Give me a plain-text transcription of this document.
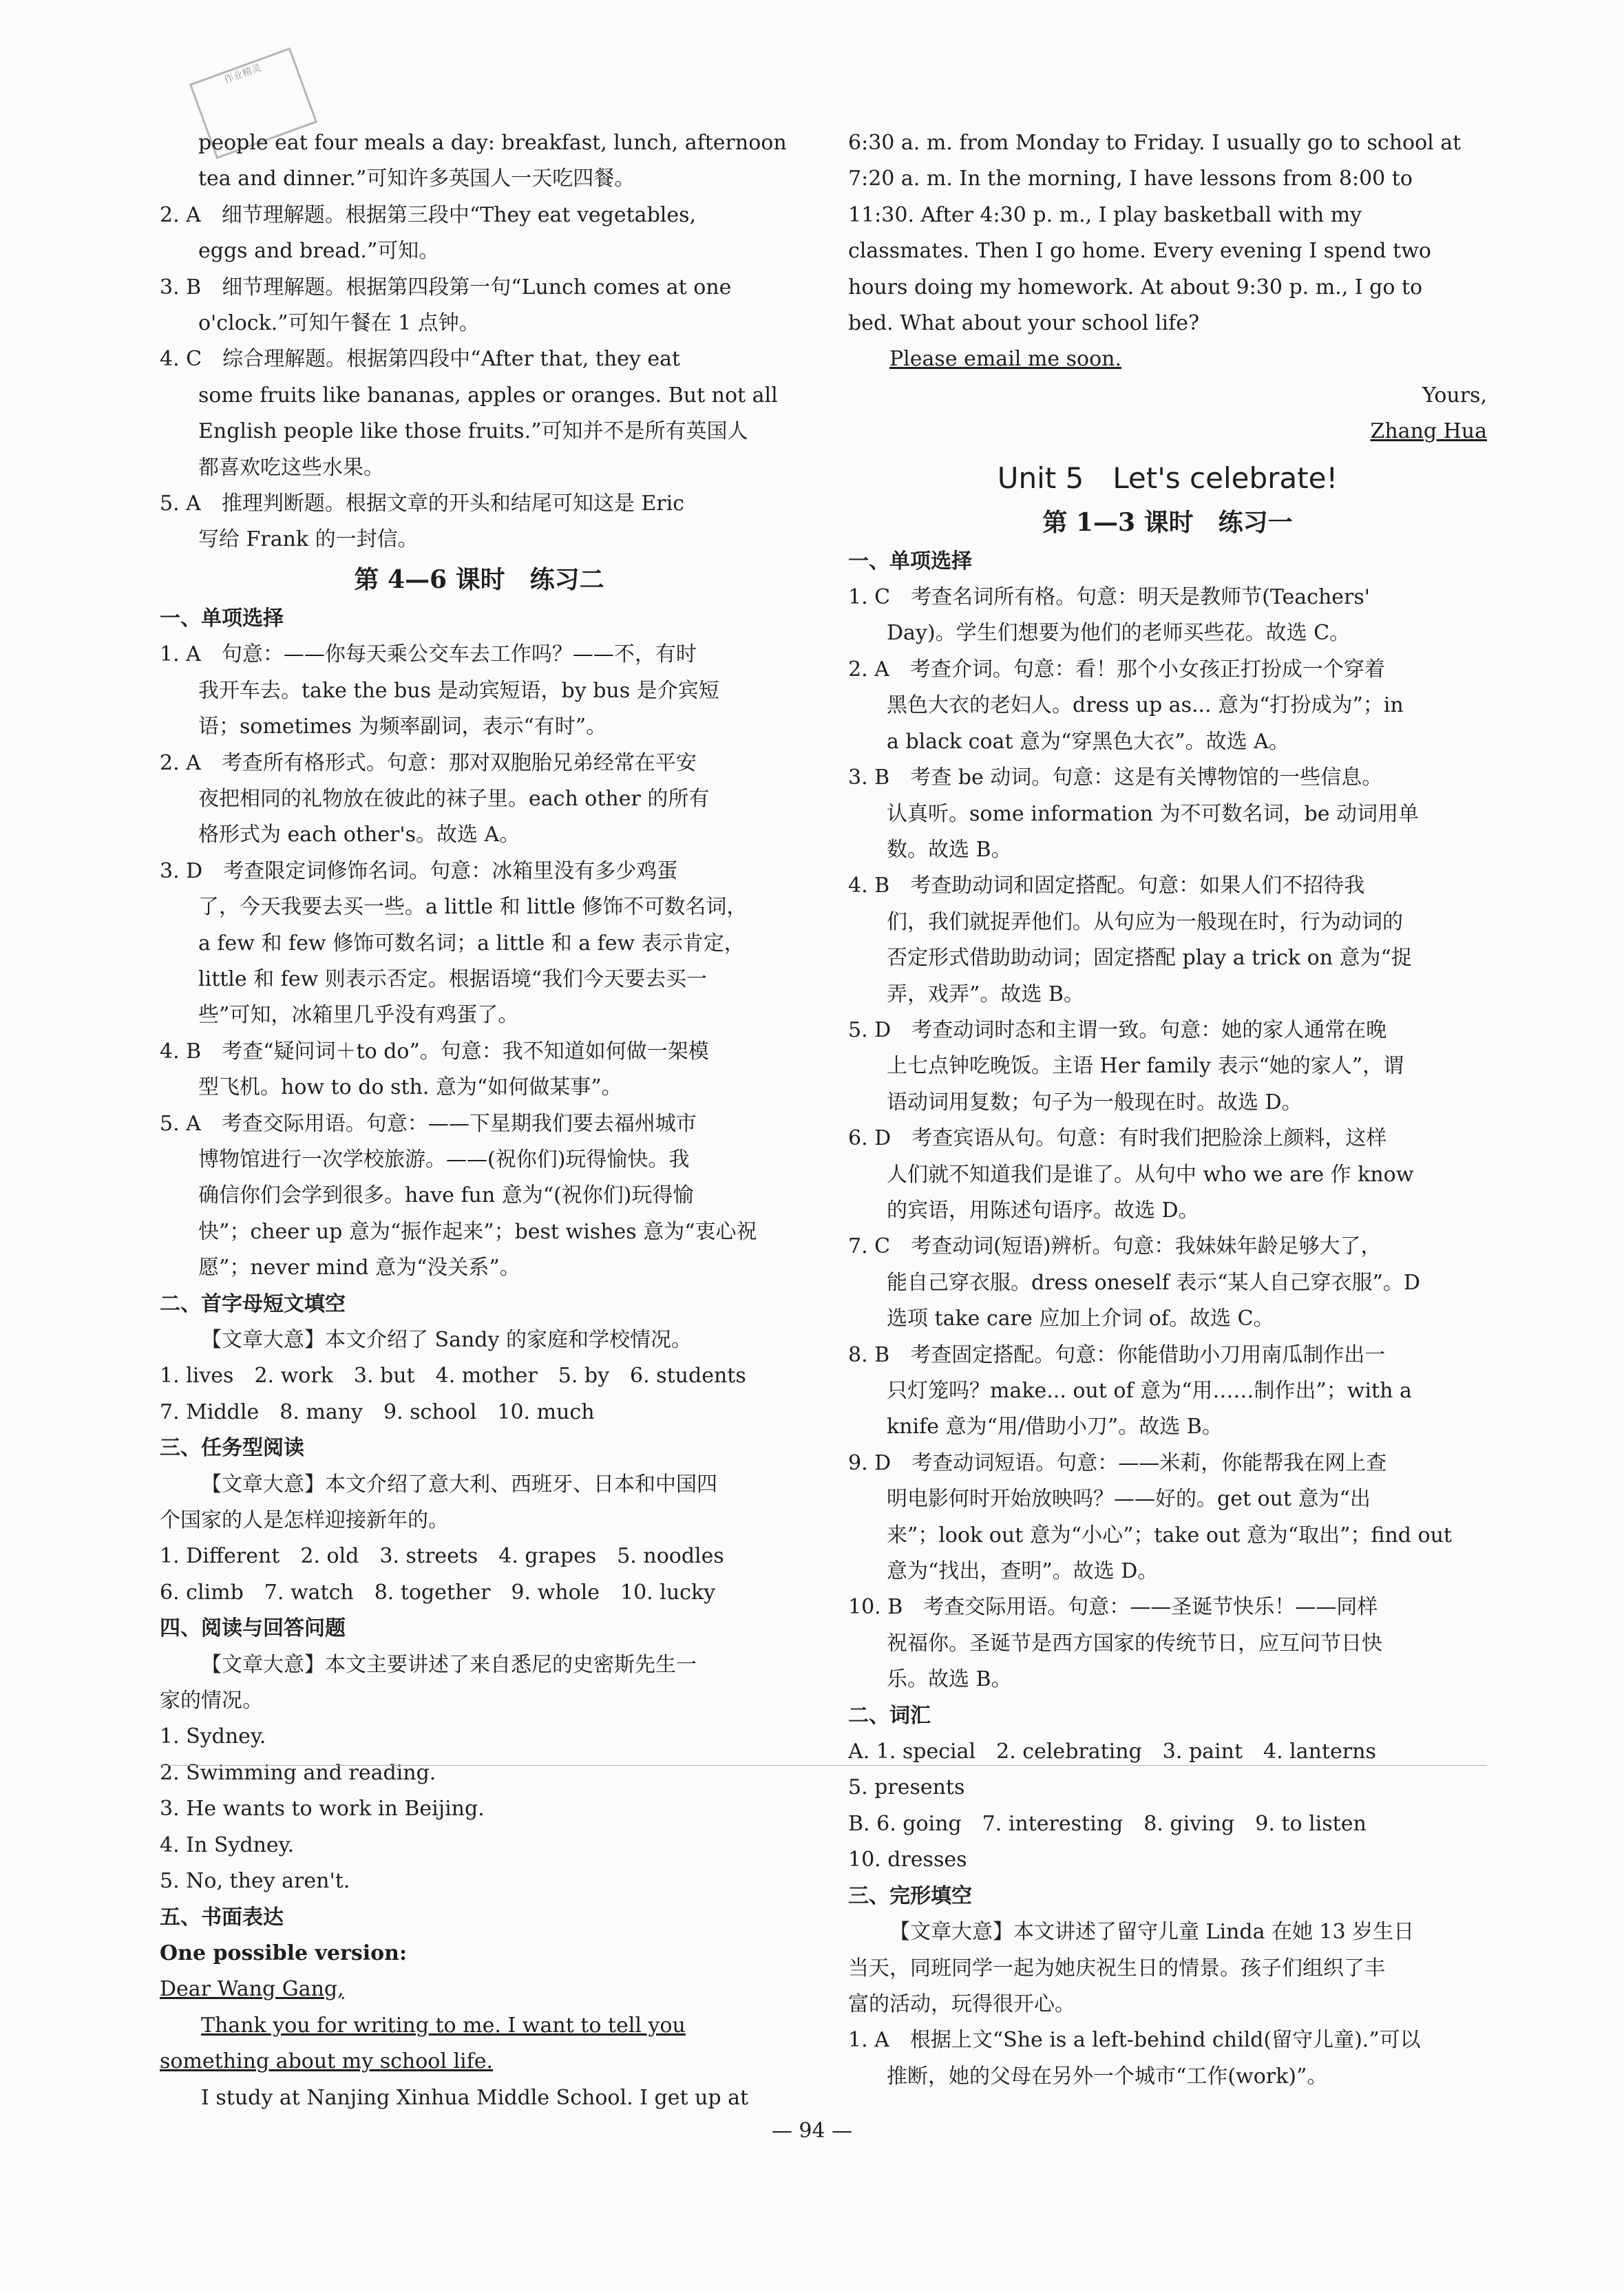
作业精灵
people eat four meals a day: breakfast, lunch, afternoon
tea and dinner.”可知许多英国人一天吃四餐。
2. A　细节理解题。根据第三段中“They eat vegetables,
eggs and bread.”可知。
3. B　细节理解题。根据第四段第一句“Lunch comes at one
o'clock.”可知午餐在 1 点钟。
4. C　综合理解题。根据第四段中“After that, they eat
some fruits like bananas, apples or oranges. But not all
English people like those fruits.”可知并不是所有英国人
都喜欢吃这些水果。
5. A　推理判断题。根据文章的开头和结尾可知这是 Eric
写给 Frank 的一封信。
第 4—6 课时　练习二
一、单项选择
1. A　句意：——你每天乘公交车去工作吗？——不，有时
我开车去。take the bus 是动宾短语，by bus 是介宾短
语；sometimes 为频率副词，表示“有时”。
2. A　考查所有格形式。句意：那对双胞胎兄弟经常在平安
夜把相同的礼物放在彼此的袜子里。each other 的所有
格形式为 each other's。故选 A。
3. D　考查限定词修饰名词。句意：冰箱里没有多少鸡蛋
了，今天我要去买一些。a little 和 little 修饰不可数名词，
a few 和 few 修饰可数名词；a little 和 a few 表示肯定，
little 和 few 则表示否定。根据语境“我们今天要去买一
些”可知，冰箱里几乎没有鸡蛋了。
4. B　考查“疑问词＋to do”。句意：我不知道如何做一架模
型飞机。how to do sth. 意为“如何做某事”。
5. A　考查交际用语。句意：——下星期我们要去福州城市
博物馆进行一次学校旅游。——(祝你们)玩得愉快。我
确信你们会学到很多。have fun 意为“(祝你们)玩得愉
快”；cheer up 意为“振作起来”；best wishes 意为“衷心祝
愿”；never mind 意为“没关系”。
二、首字母短文填空
【文章大意】本文介绍了 Sandy 的家庭和学校情况。
1. lives　2. work　3. but　4. mother　5. by　6. students
7. Middle　8. many　9. school　10. much
三、任务型阅读
【文章大意】本文介绍了意大利、西班牙、日本和中国四
个国家的人是怎样迎接新年的。
1. Different　2. old　3. streets　4. grapes　5. noodles
6. climb　7. watch　8. together　9. whole　10. lucky
四、阅读与回答问题
【文章大意】本文主要讲述了来自悉尼的史密斯先生一
家的情况。
1. Sydney.
2. Swimming and reading.
3. He wants to work in Beijing.
4. In Sydney.
5. No, they aren't.
五、书面表达
One possible version:
Dear Wang Gang,
Thank you for writing to me. I want to tell you
something about my school life.
I study at Nanjing Xinhua Middle School. I get up at
6:30 a. m. from Monday to Friday. I usually go to school at
7:20 a. m. In the morning, I have lessons from 8:00 to
11:30. After 4:30 p. m., I play basketball with my
classmates. Then I go home. Every evening I spend two
hours doing my homework. At about 9:30 p. m., I go to
bed. What about your school life?
Please email me soon.
Yours,
Zhang Hua
Unit 5　Let's celebrate!
第 1—3 课时　练习一
一、单项选择
1. C　考查名词所有格。句意：明天是教师节(Teachers'
Day)。学生们想要为他们的老师买些花。故选 C。
2. A　考查介词。句意：看！那个小女孩正打扮成一个穿着
黑色大衣的老妇人。dress up as... 意为“打扮成为”；in
a black coat 意为“穿黑色大衣”。故选 A。
3. B　考查 be 动词。句意：这是有关博物馆的一些信息。
认真听。some information 为不可数名词，be 动词用单
数。故选 B。
4. B　考查助动词和固定搭配。句意：如果人们不招待我
们，我们就捉弄他们。从句应为一般现在时，行为动词的
否定形式借助助动词；固定搭配 play a trick on 意为“捉
弄，戏弄”。故选 B。
5. D　考查动词时态和主谓一致。句意：她的家人通常在晚
上七点钟吃晚饭。主语 Her family 表示“她的家人”，谓
语动词用复数；句子为一般现在时。故选 D。
6. D　考查宾语从句。句意：有时我们把脸涂上颜料，这样
人们就不知道我们是谁了。从句中 who we are 作 know
的宾语，用陈述句语序。故选 D。
7. C　考查动词(短语)辨析。句意：我妹妹年龄足够大了，
能自己穿衣服。dress oneself 表示“某人自己穿衣服”。D
选项 take care 应加上介词 of。故选 C。
8. B　考查固定搭配。句意：你能借助小刀用南瓜制作出一
只灯笼吗？make... out of 意为“用……制作出”；with a
knife 意为“用/借助小刀”。故选 B。
9. D　考查动词短语。句意：——米莉，你能帮我在网上查
明电影何时开始放映吗？——好的。get out 意为“出
来”；look out 意为“小心”；take out 意为“取出”；find out
意为“找出，查明”。故选 D。
10. B　考查交际用语。句意：——圣诞节快乐！——同样
祝福你。圣诞节是西方国家的传统节日，应互问节日快
乐。故选 B。
二、词汇
A. 1. special　2. celebrating　3. paint　4. lanterns
5. presents
B. 6. going　7. interesting　8. giving　9. to listen
10. dresses
三、完形填空
【文章大意】本文讲述了留守儿童 Linda 在她 13 岁生日
当天，同班同学一起为她庆祝生日的情景。孩子们组织了丰
富的活动，玩得很开心。
1. A　根据上文“She is a left-behind child(留守儿童).”可以
推断，她的父母在另外一个城市“工作(work)”。
— 94 —
